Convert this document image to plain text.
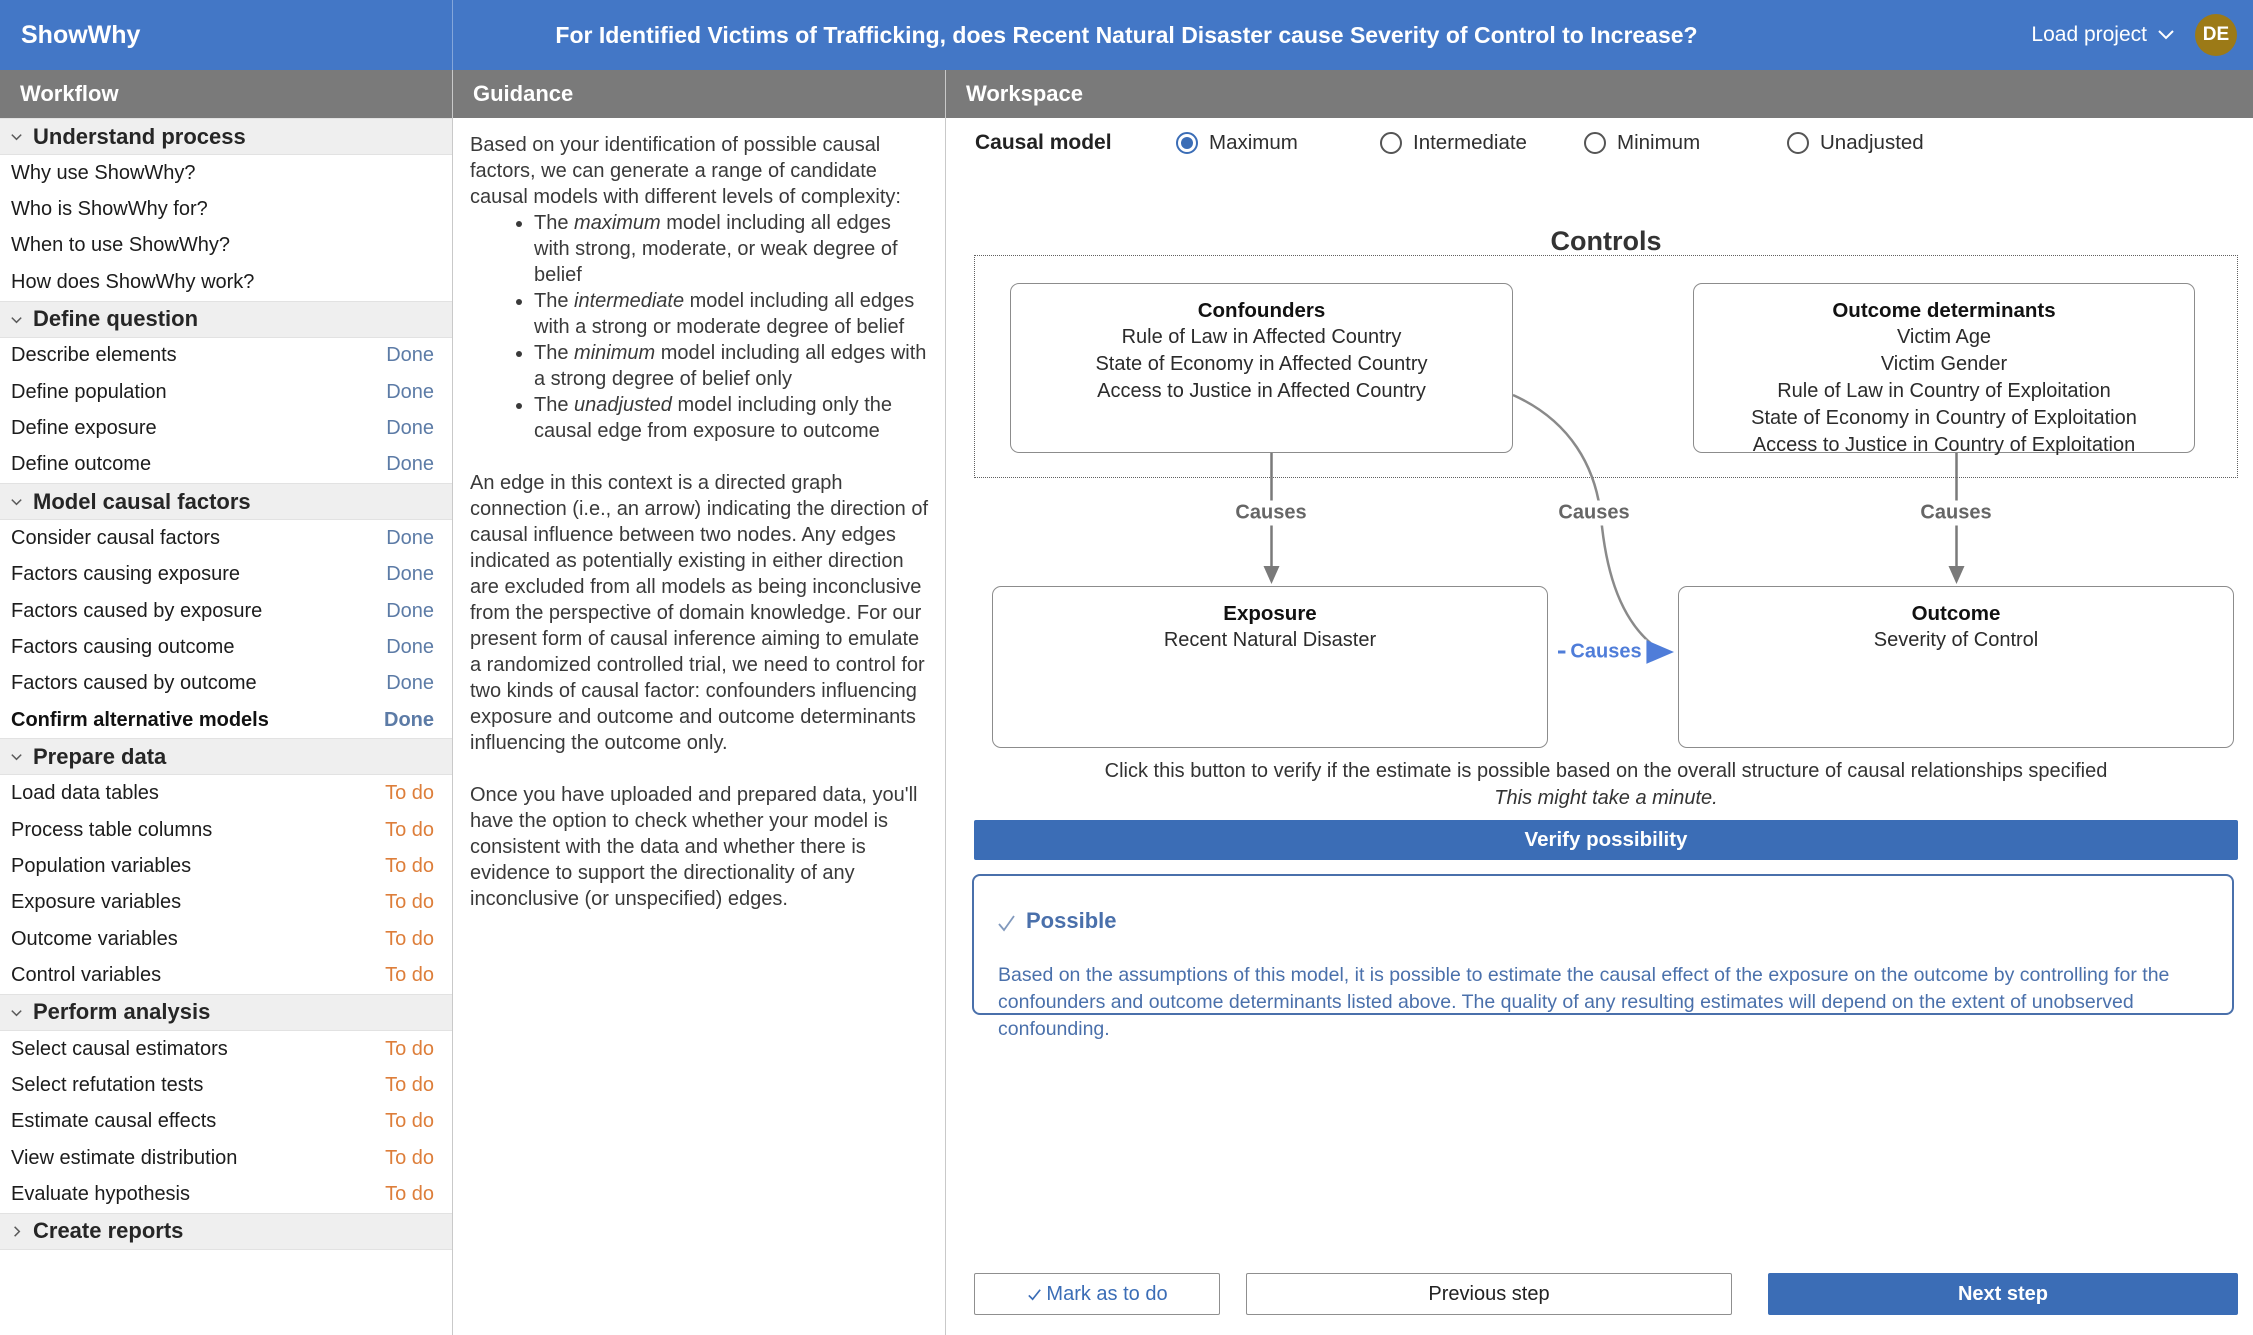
ShowWhy	For Identified Victims of Trafficking, does Recent Natural Disaster cause Severity of Control to Increase?	Load project	DE
Workflow
Understand process
Why use ShowWhy?
Who is ShowWhy for?
When to use ShowWhy?
How does ShowWhy work?
Define question
Describe elements	Done
Define population	Done
Define exposure	Done
Define outcome	Done
Model causal factors
Consider causal factors	Done
Factors causing exposure	Done
Factors caused by exposure	Done
Factors causing outcome	Done
Factors caused by outcome	Done
Confirm alternative models	Done
Prepare data
Load data tables	To do
Process table columns	To do
Population variables	To do
Exposure variables	To do
Outcome variables	To do
Control variables	To do
Perform analysis
Select causal estimators	To do
Select refutation tests	To do
Estimate causal effects	To do
View estimate distribution	To do
Evaluate hypothesis	To do
Create reports
Guidance

Based on your identification of possible causal factors, we can generate a range of candidate causal models with different levels of complexity:

• The maximum model including all edges with strong, moderate, or weak degree of belief
• The intermediate model including all edges with a strong or moderate degree of belief
• The minimum model including all edges with a strong degree of belief only
• The unadjusted model including only the causal edge from exposure to outcome

An edge in this context is a directed graph connection (i.e., an arrow) indicating the direction of causal influence between two nodes. Any edges indicated as potentially existing in either direction are excluded from all models as being inconclusive from the perspective of domain knowledge. For our present form of causal inference aiming to emulate a randomized controlled trial, we need to control for two kinds of causal factor: confounders influencing exposure and outcome and outcome determinants influencing the outcome only.

Once you have uploaded and prepared data, you'll have the option to check whether your model is consistent with the data and whether there is evidence to support the directionality of any inconclusive (or unspecified) edges.

Workspace
Causal model	Maximum	Intermediate	Minimum	Unadjusted
Controls
Confounders
Rule of Law in Affected Country
State of Economy in Affected Country
Access to Justice in Affected Country
Outcome determinants
Victim Age
Victim Gender
Rule of Law in Country of Exploitation
State of Economy in Country of Exploitation
Access to Justice in Country of Exploitation
Exposure
Recent Natural Disaster
Outcome
Severity of Control
Causes	Causes	Causes
Causes
Click this button to verify if the estimate is possible based on the overall structure of causal relationships specified
This might take a minute.
Verify possibility
Possible
Based on the assumptions of this model, it is possible to estimate the causal effect of the exposure on the outcome by controlling for the confounders and outcome determinants listed above. The quality of any resulting estimates will depend on the extent of unobserved confounding.
Mark as to do	Previous step	Next step
